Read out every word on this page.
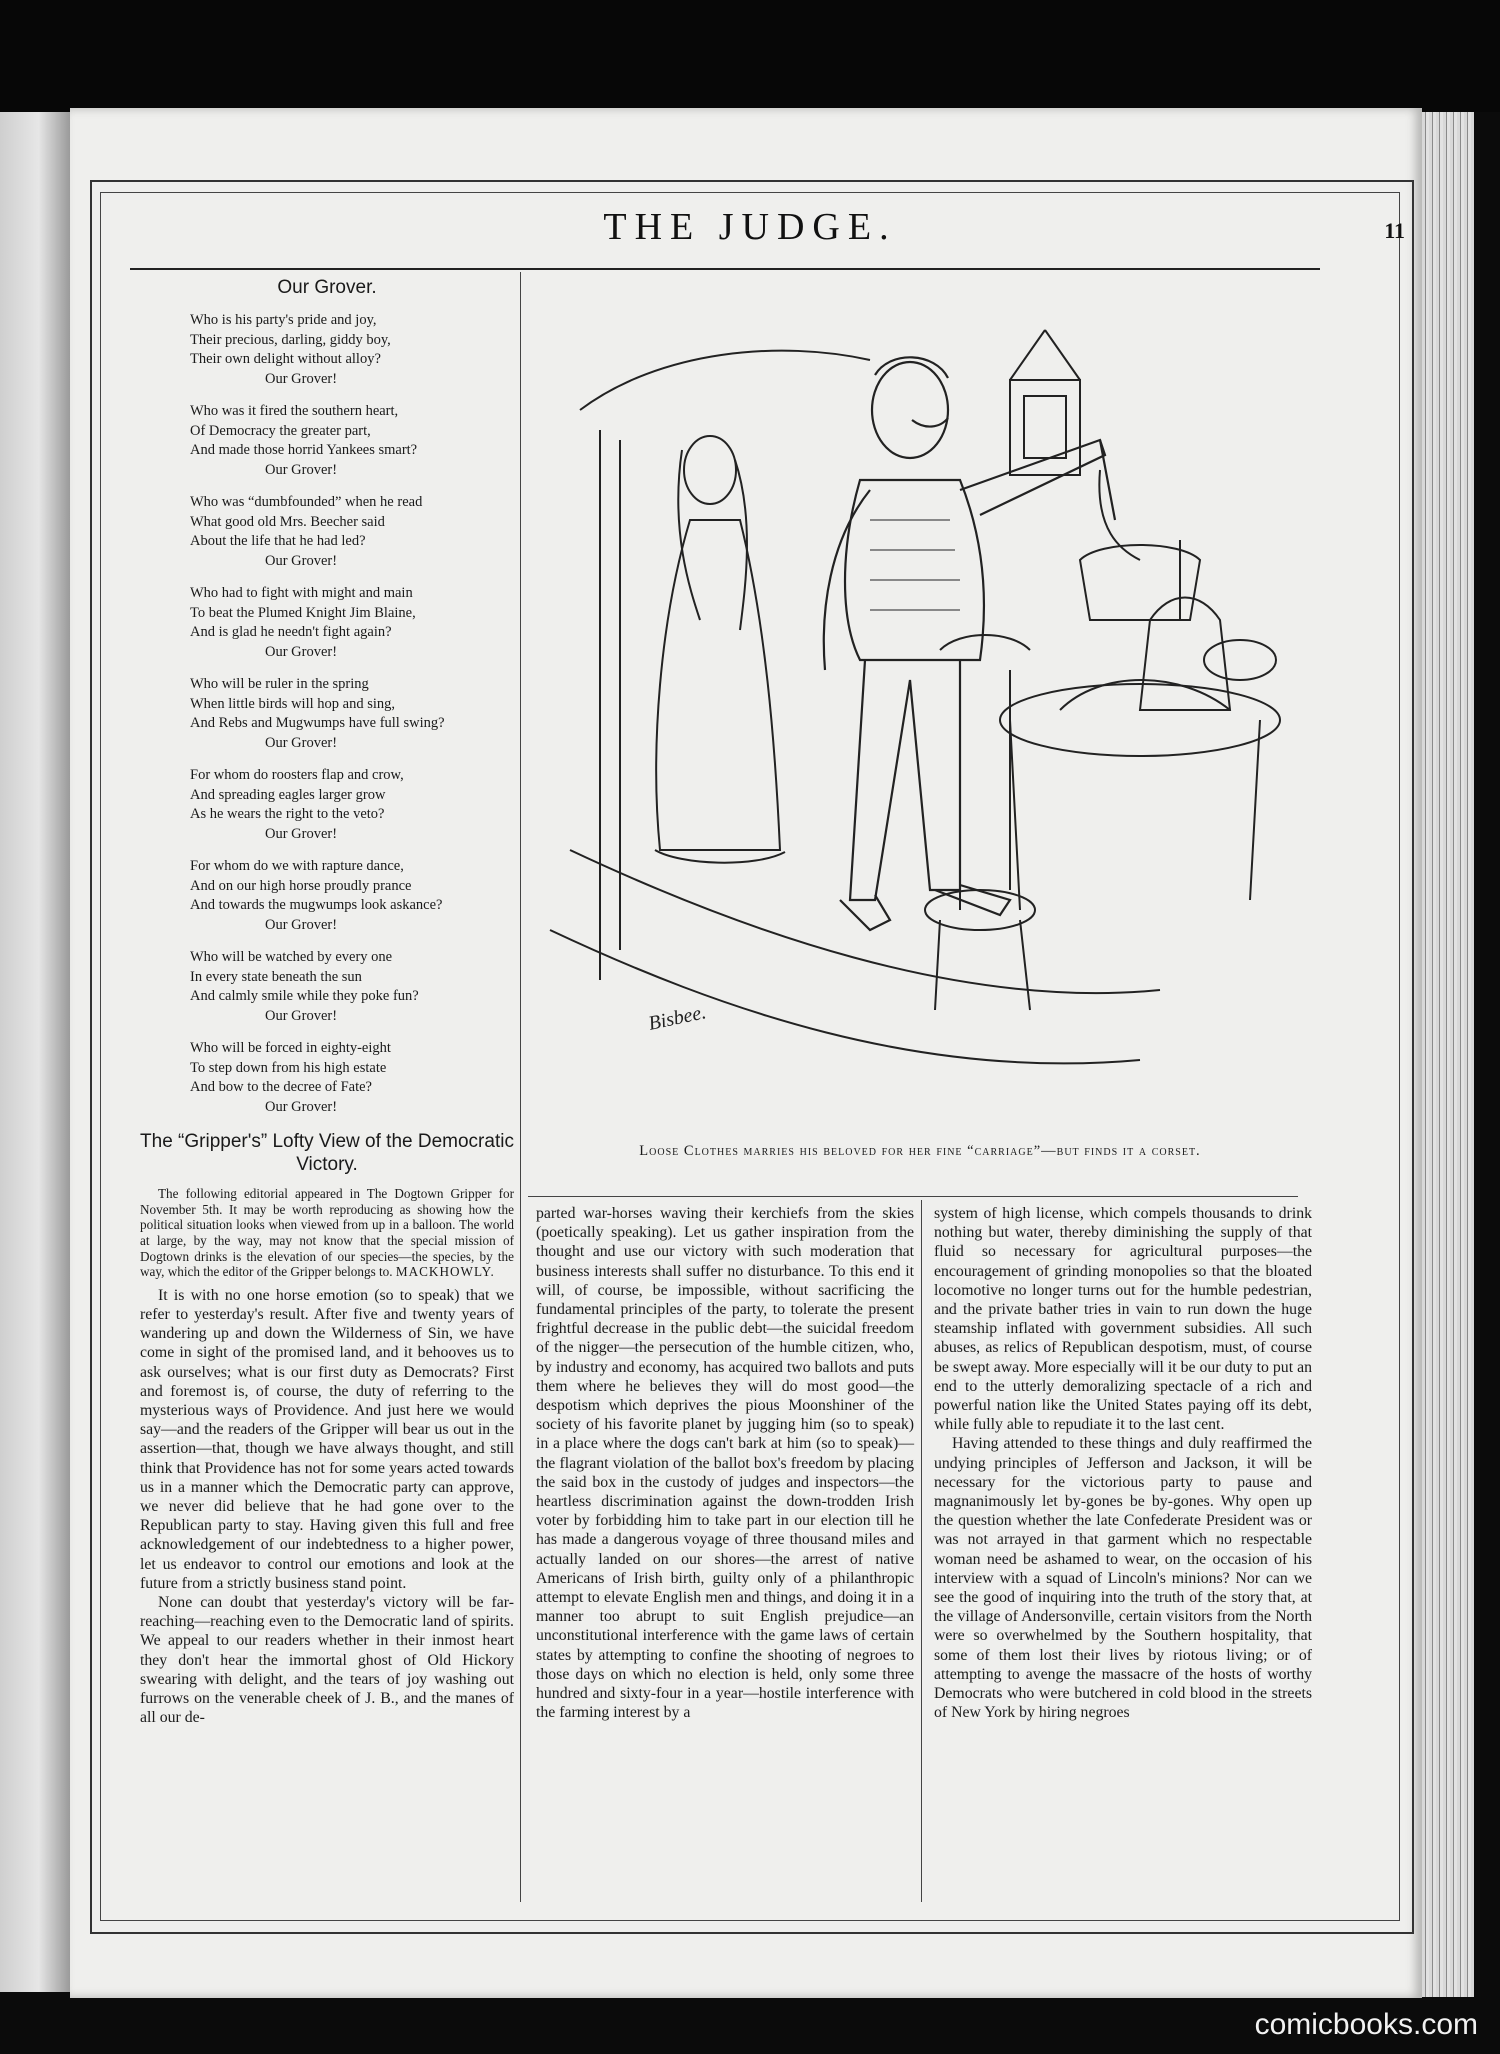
THE JUDGE.	11
Our Grover.
Who is his party's pride and joy,
Their precious, darling, giddy boy,
Their own delight without alloy?
Our Grover!
Who was it fired the southern heart,
Of Democracy the greater part,
And made those horrid Yankees smart?
Our Grover!
Who was “dumbfounded” when he read
What good old Mrs. Beecher said
About the life that he had led?
Our Grover!
Who had to fight with might and main
To beat the Plumed Knight Jim Blaine,
And is glad he needn't fight again?
Our Grover!
Who will be ruler in the spring
When little birds will hop and sing,
And Rebs and Mugwumps have full swing?
Our Grover!
For whom do roosters flap and crow,
And spreading eagles larger grow
As he wears the right to the veto?
Our Grover!
For whom do we with rapture dance,
And on our high horse proudly prance
And towards the mugwumps look askance?
Our Grover!
Who will be watched by every one
In every state beneath the sun
And calmly smile while they poke fun?
Our Grover!
Who will be forced in eighty-eight
To step down from his high estate
And bow to the decree of Fate?
Our Grover!
The “Gripper's” Lofty View of the Democratic Victory.
The following editorial appeared in The Dogtown Gripper for November 5th. It may be worth reproducing as showing how the political situation looks when viewed from up in a balloon. The world at large, by the way, may not know that the special mission of Dogtown drinks is the elevation of our species—the species, by the way, which the editor of the Gripper belongs to. MACKHOWLY.

It is with no one horse emotion (so to speak) that we refer to yesterday's result. After five and twenty years of wandering up and down the Wilderness of Sin, we have come in sight of the promised land, and it behooves us to ask ourselves; what is our first duty as Democrats? First and foremost is, of course, the duty of referring to the mysterious ways of Providence. And just here we would say—and the readers of the Gripper will bear us out in the assertion—that, though we have always thought, and still think that Providence has not for some years acted towards us in a manner which the Democratic party can approve, we never did believe that he had gone over to the Republican party to stay. Having given this full and free acknowledgement of our indebtedness to a higher power, let us endeavor to control our emotions and look at the future from a strictly business stand point.

None can doubt that yesterday's victory will be far-reaching—reaching even to the Democratic land of spirits. We appeal to our readers whether in their inmost heart they don't hear the immortal ghost of Old Hickory swearing with delight, and the tears of joy washing out furrows on the venerable cheek of J. B., and the manes of all our de-

Bisbee.
Loose Clothes marries his beloved for her fine “carriage”—but finds it a corset.

parted war-horses waving their kerchiefs from the skies (poetically speaking). Let us gather inspiration from the thought and use our victory with such moderation that business interests shall suffer no disturbance. To this end it will, of course, be impossible, without sacrificing the fundamental principles of the party, to tolerate the present frightful decrease in the public debt—the suicidal freedom of the nigger—the persecution of the humble citizen, who, by industry and economy, has acquired two ballots and puts them where he believes they will do most good—the despotism which deprives the pious Moonshiner of the society of his favorite planet by jugging him (so to speak) in a place where the dogs can't bark at him (so to speak)—the flagrant violation of the ballot box's freedom by placing the said box in the custody of judges and inspectors—the heartless discrimination against the down-trodden Irish voter by forbidding him to take part in our election till he has made a dangerous voyage of three thousand miles and actually landed on our shores—the arrest of native Americans of Irish birth, guilty only of a philanthropic attempt to elevate English men and things, and doing it in a manner too abrupt to suit English prejudice—an unconstitutional interference with the game laws of certain states by attempting to confine the shooting of negroes to those days on which no election is held, only some three hundred and sixty-four in a year—hostile interference with the farming interest by a

system of high license, which compels thousands to drink nothing but water, thereby diminishing the supply of that fluid so necessary for agricultural purposes—the encouragement of grinding monopolies so that the bloated locomotive no longer turns out for the humble pedestrian, and the private bather tries in vain to run down the huge steamship inflated with government subsidies. All such abuses, as relics of Republican despotism, must, of course be swept away. More especially will it be our duty to put an end to the utterly demoralizing spectacle of a rich and powerful nation like the United States paying off its debt, while fully able to repudiate it to the last cent.

Having attended to these things and duly reaffirmed the undying principles of Jefferson and Jackson, it will be necessary for the victorious party to pause and magnanimously let by-gones be by-gones. Why open up the question whether the late Confederate President was or was not arrayed in that garment which no respectable woman need be ashamed to wear, on the occasion of his interview with a squad of Lincoln's minions? Nor can we see the good of inquiring into the truth of the story that, at the village of Andersonville, certain visitors from the North were so overwhelmed by the Southern hospitality, that some of them lost their lives by riotous living; or of attempting to avenge the massacre of the hosts of worthy Democrats who were butchered in cold blood in the streets of New York by hiring negroes

comicbooks.com
